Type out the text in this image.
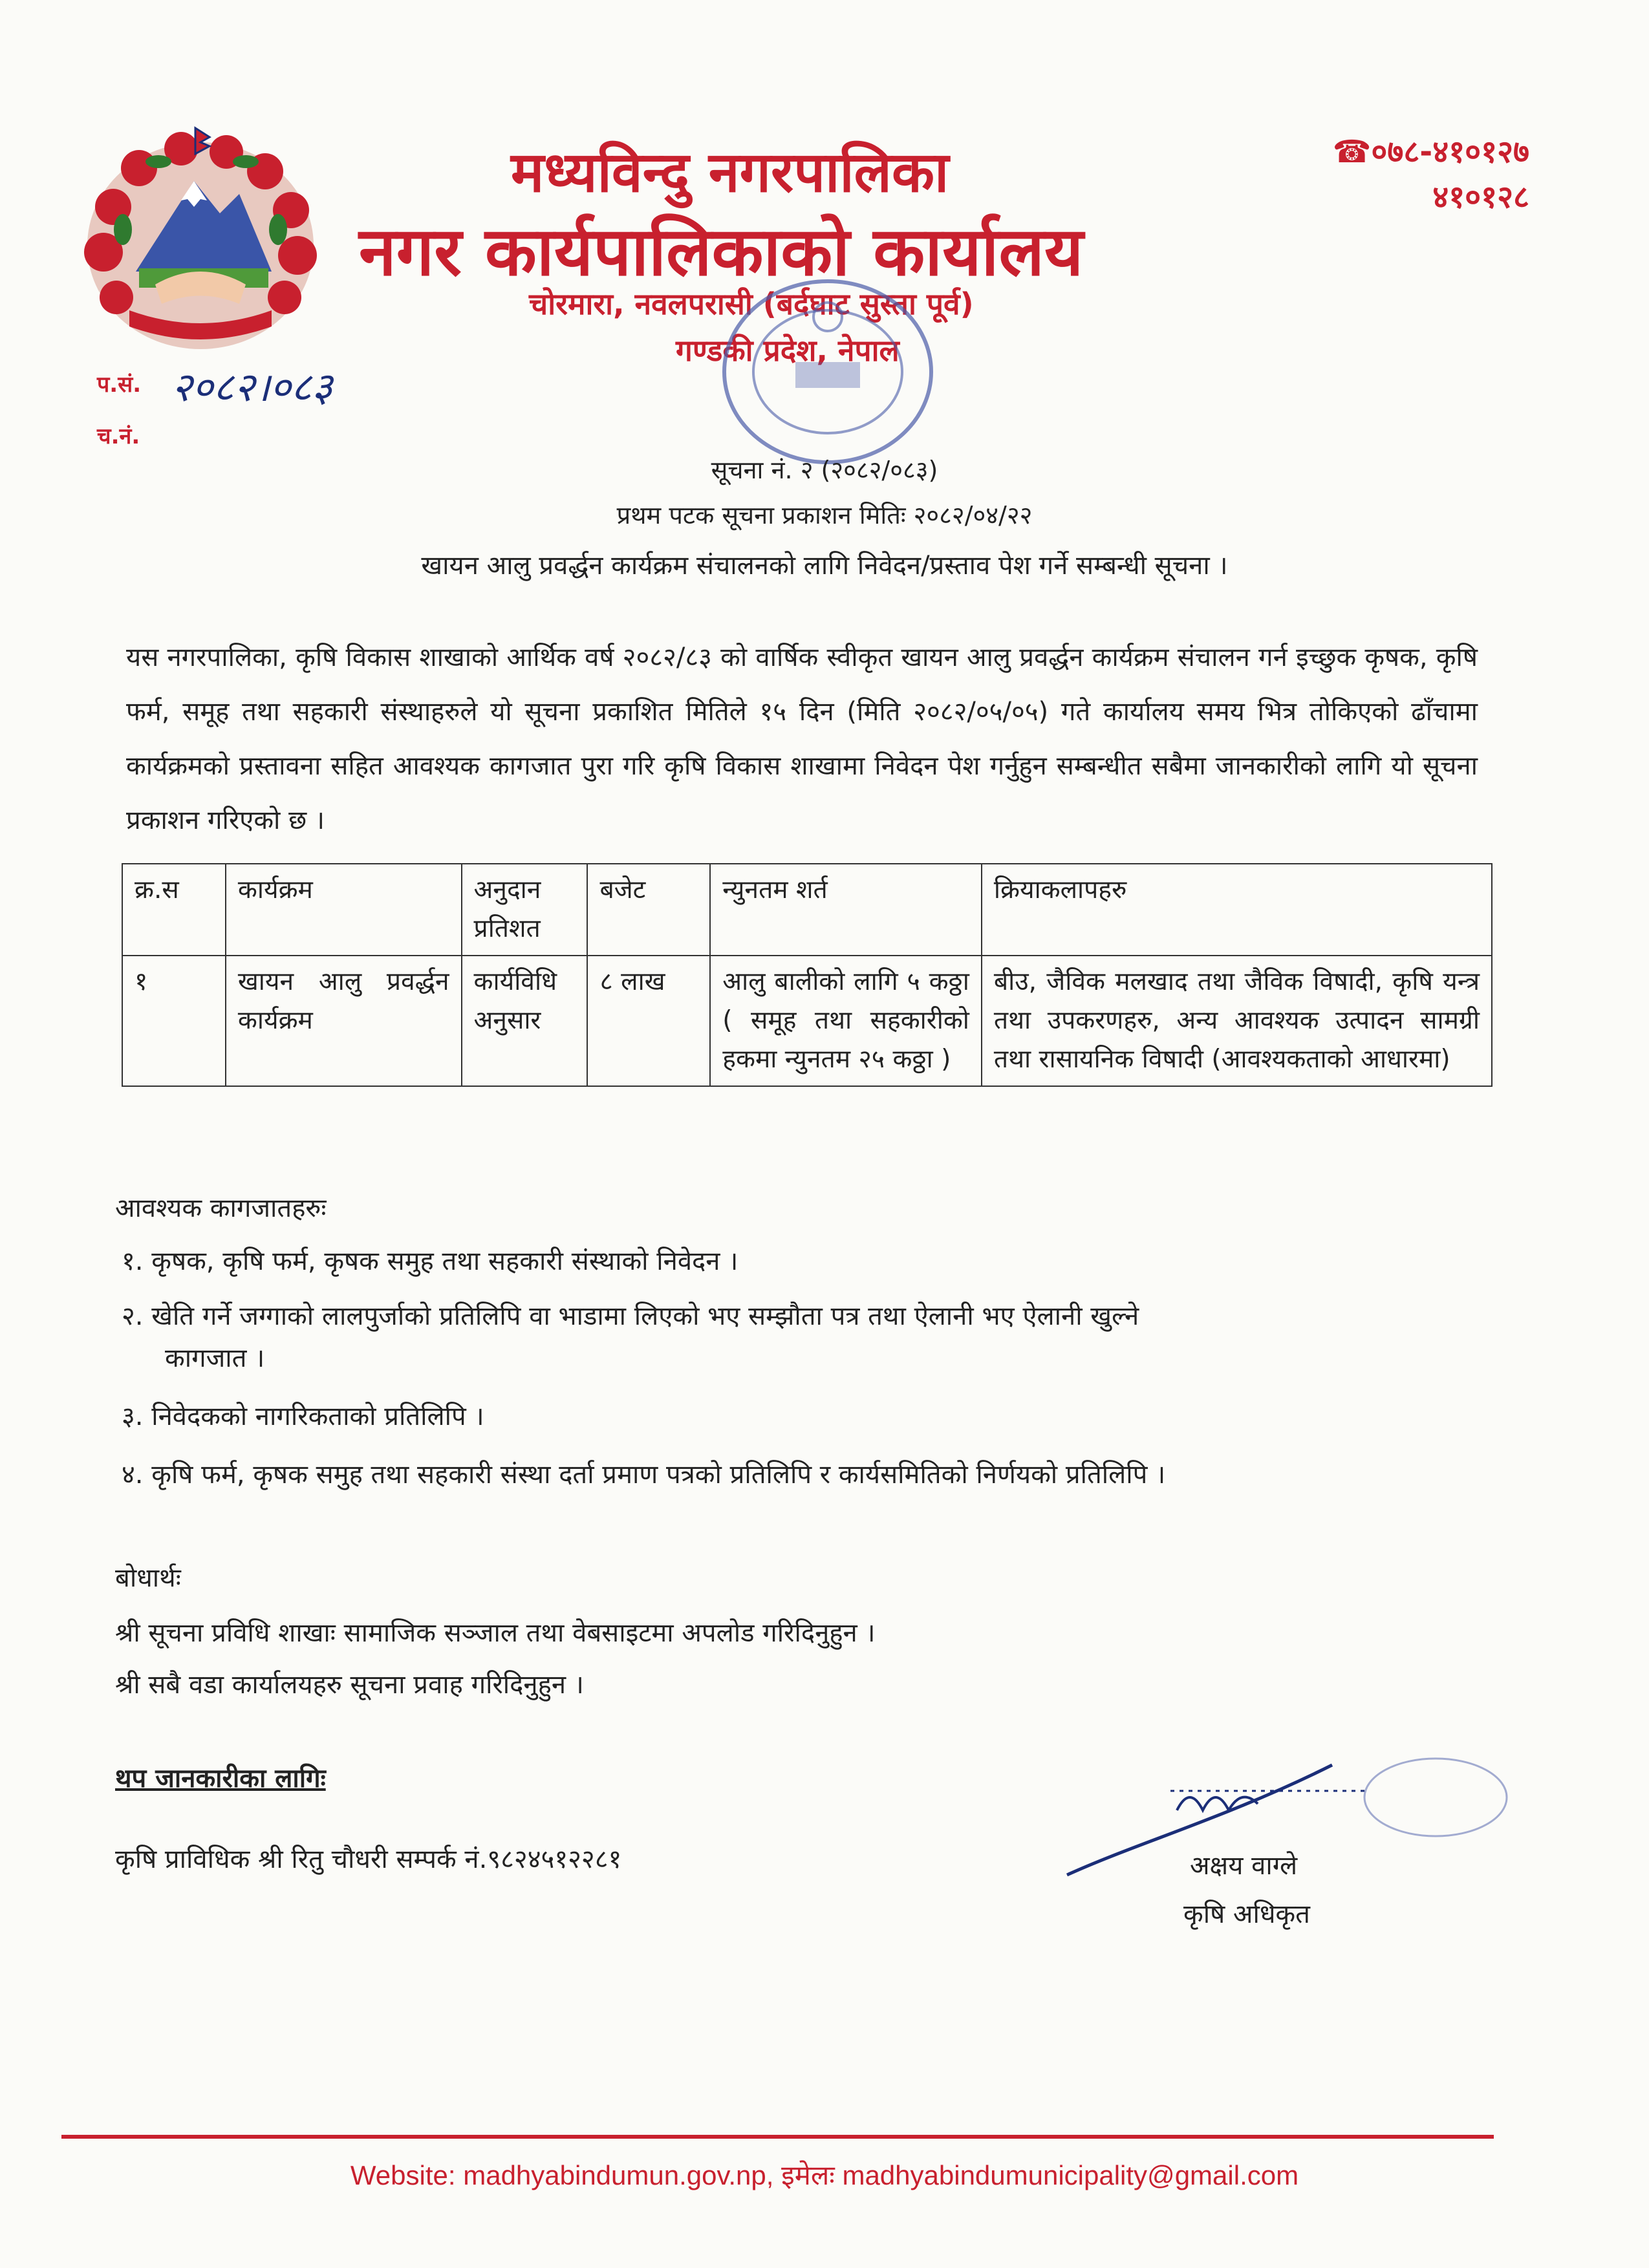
मध्यविन्दु नगरपालिका
नगर कार्यपालिकाको कार्यालय
चोरमारा, नवलपरासी (बर्दघाट सुस्ता पूर्व)
गण्डकी प्रदेश, नेपाल
☎०७८-४१०१२७
४१०१२८
प.सं. २०८२।०८३
च.नं.
सूचना नं. २ (२०८२/०८३)
प्रथम पटक सूचना प्रकाशन मितिः २०८२/०४/२२
खायन आलु प्रवर्द्धन कार्यक्रम संचालनको लागि निवेदन/प्रस्ताव पेश गर्ने सम्बन्धी सूचना ।
यस नगरपालिका, कृषि विकास शाखाको आर्थिक वर्ष २०८२/८३ को वार्षिक स्वीकृत खायन आलु प्रवर्द्धन कार्यक्रम संचालन गर्न इच्छुक कृषक, कृषि फर्म, समूह तथा सहकारी संस्थाहरुले यो सूचना प्रकाशित मितिले १५ दिन (मिति २०८२/०५/०५) गते कार्यालय समय भित्र तोकिएको ढाँचामा कार्यक्रमको प्रस्तावना सहित आवश्यक कागजात पुरा गरि कृषि विकास शाखामा निवेदन पेश गर्नुहुन सम्बन्धीत सबैमा जानकारीको लागि यो सूचना प्रकाशन गरिएको छ ।
क्र.स	कार्यक्रम	अनुदान प्रतिशत	बजेट	न्युनतम शर्त	क्रियाकलापहरु
१	खायन आलु प्रवर्द्धन कार्यक्रम	कार्यविधि अनुसार	८ लाख	आलु बालीको लागि ५ कठ्ठा ( समूह तथा सहकारीको हकमा न्युनतम २५ कठ्ठा )	बीउ, जैविक मलखाद तथा जैविक विषादी, कृषि यन्त्र तथा उपकरणहरु, अन्य आवश्यक उत्पादन सामग्री तथा रासायनिक विषादी (आवश्यकताको आधारमा)
आवश्यक कागजातहरुः
१. कृषक, कृषि फर्म, कृषक समुह तथा सहकारी संस्थाको निवेदन ।
२. खेति गर्ने जग्गाको लालपुर्जाको प्रतिलिपि वा भाडामा लिएको भए सम्झौता पत्र तथा ऐलानी भए ऐलानी खुल्ने
कागजात ।
३. निवेदकको नागरिकताको प्रतिलिपि ।
४. कृषि फर्म, कृषक समुह तथा सहकारी संस्था दर्ता प्रमाण पत्रको प्रतिलिपि र कार्यसमितिको निर्णयको प्रतिलिपि ।
बोधार्थः
श्री सूचना प्रविधि शाखाः सामाजिक सञ्जाल तथा वेबसाइटमा अपलोड गरिदिनुहुन ।
श्री सबै वडा कार्यालयहरु सूचना प्रवाह गरिदिनुहुन ।
थप जानकारीका लागिः
कृषि प्राविधिक श्री रितु चौधरी सम्पर्क नं.९८२४५१२२८१	अक्षय वाग्ले
कृषि अधिकृत
Website: madhyabindumun.gov.np, इमेलः madhyabindumunicipality@gmail.com
